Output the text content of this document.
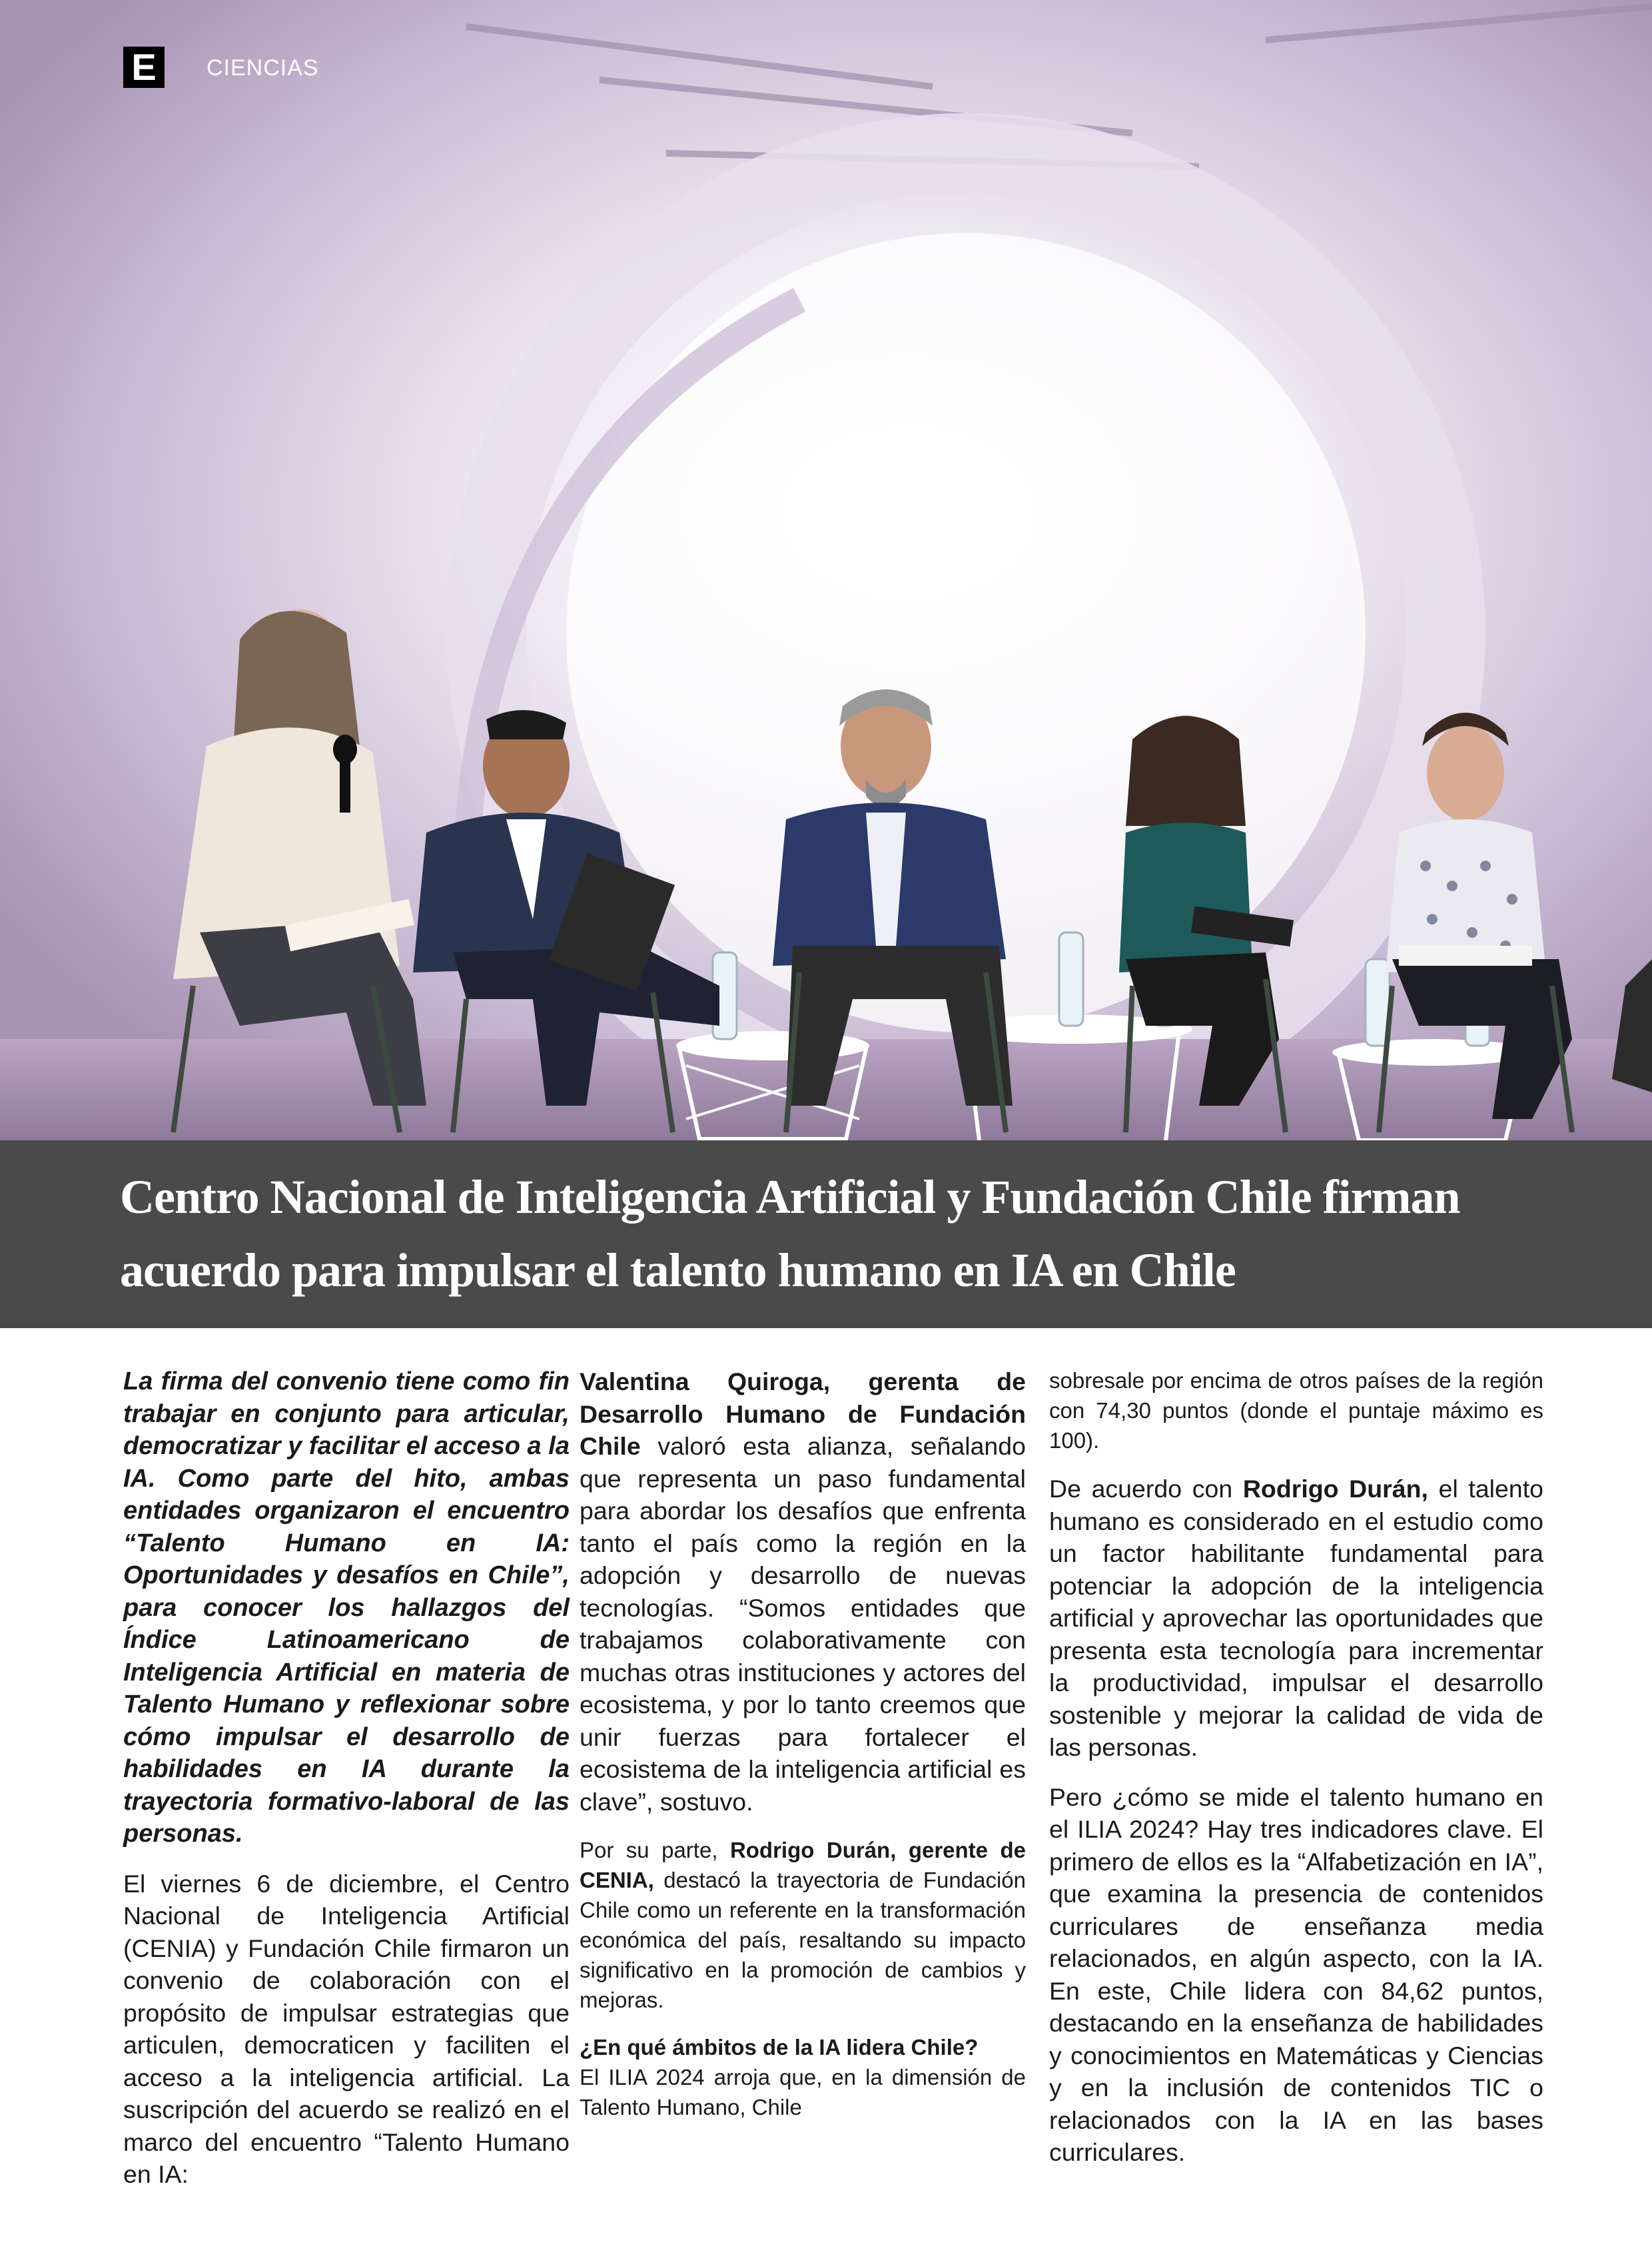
E	CIENCIAS
Centro Nacional de Inteligencia Artificial y Fundación Chile firman acuerdo para impulsar el talento humano en IA en Chile

La firma del convenio tiene como fin trabajar en conjunto para articular, democratizar y facilitar el acceso a la IA. Como parte del hito, ambas entidades organizaron el encuentro “Talento Humano en IA: Oportunidades y desafíos en Chile”, para conocer los hallazgos del Índice Latinoamericano de Inteligencia Artificial en materia de Talento Humano y reflexionar sobre cómo impulsar el desarrollo de habilidades en IA durante la trayectoria formativo-laboral de las personas.

El viernes 6 de diciembre, el Centro Nacional de Inteligencia Artificial (CENIA) y Fundación Chile firmaron un convenio de colaboración con el propósito de impulsar estrategias que articulen, democraticen y faciliten el acceso a la inteligencia artificial. La suscripción del acuerdo se realizó en el marco del encuentro “Talento Humano en IA:

Valentina Quiroga, gerenta de Desarrollo Humano de Fundación Chile valoró esta alianza, señalando que representa un paso fundamental para abordar los desafíos que enfrenta tanto el país como la región en la adopción y desarrollo de nuevas tecnologías. “Somos entidades que trabajamos colaborativamente con muchas otras instituciones y actores del ecosistema, y por lo tanto creemos que unir fuerzas para fortalecer el ecosistema de la inteligencia artificial es clave”, sostuvo.

Por su parte, Rodrigo Durán, gerente de CENIA, destacó la trayectoria de Fundación Chile como un referente en la transformación económica del país, resaltando su impacto significativo en la promoción de cambios y mejoras.

¿En qué ámbitos de la IA lidera Chile?

El ILIA 2024 arroja que, en la dimensión de Talento Humano, Chile

sobresale por encima de otros países de la región con 74,30 puntos (donde el puntaje máximo es 100).

De acuerdo con Rodrigo Durán, el talento humano es considerado en el estudio como un factor habilitante fundamental para potenciar la adopción de la inteligencia artificial y aprovechar las oportunidades que presenta esta tecnología para incrementar la productividad, impulsar el desarrollo sostenible y mejorar la calidad de vida de las personas.

Pero ¿cómo se mide el talento humano en el ILIA 2024? Hay tres indicadores clave. El primero de ellos es la “Alfabetización en IA”, que examina la presencia de contenidos curriculares de enseñanza media relacionados, en algún aspecto, con la IA. En este, Chile lidera con 84,62 puntos, destacando en la enseñanza de habilidades y conocimientos en Matemáticas y Ciencias y en la inclusión de contenidos TIC o relacionados con la IA en las bases curriculares.
